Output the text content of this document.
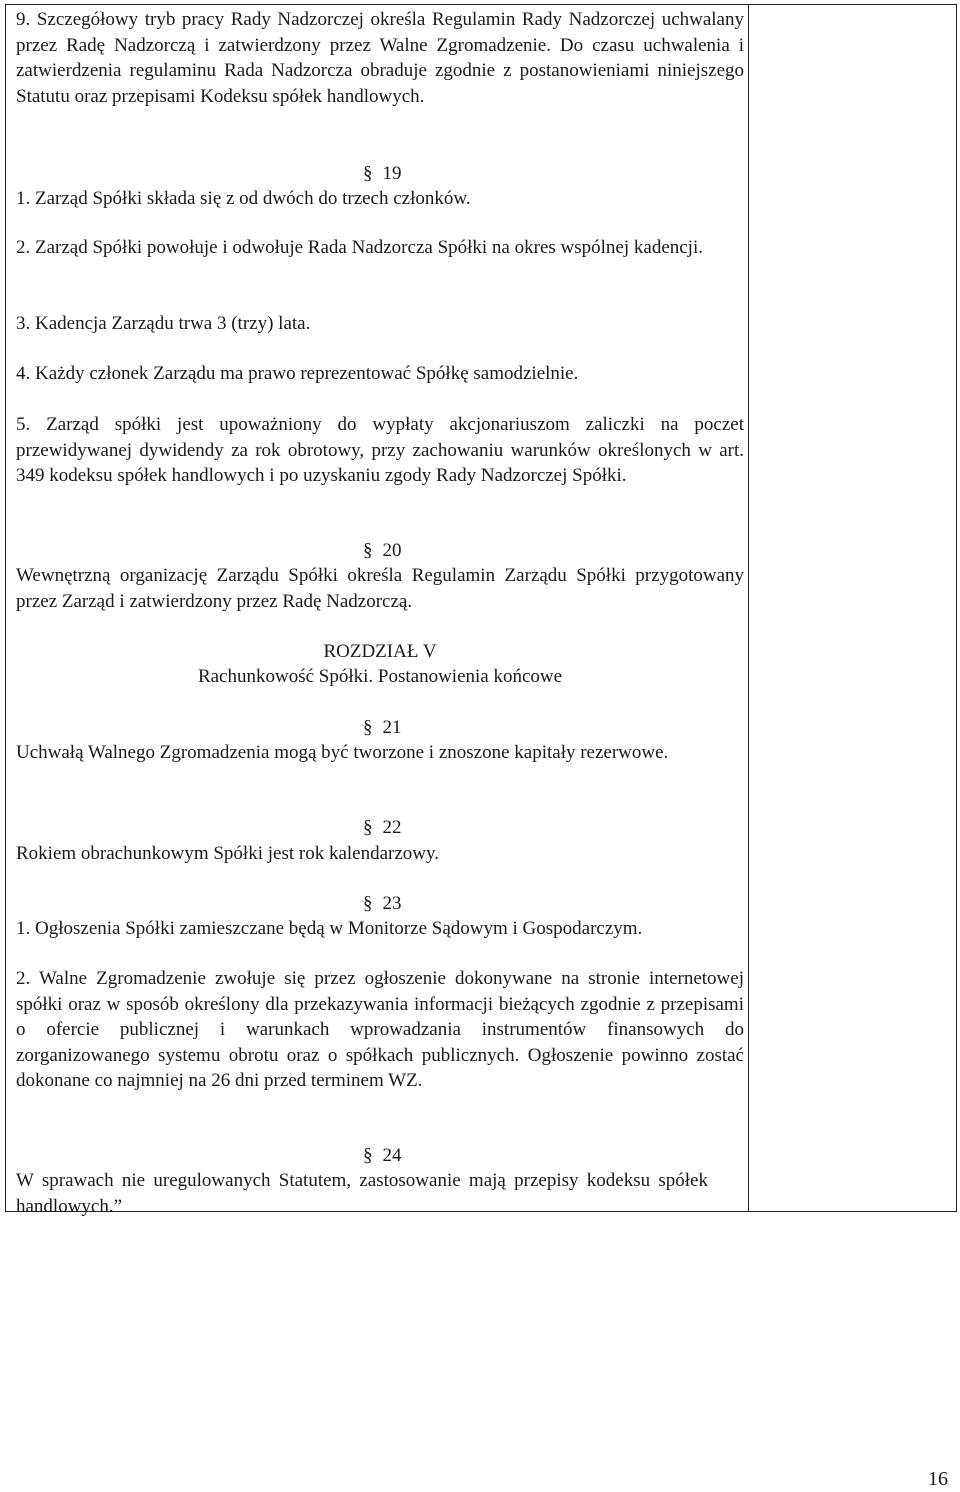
9. Szczegółowy tryb pracy Rady Nadzorczej określa Regulamin Rady Nadzorczej uchwalany przez Radę Nadzorczą i zatwierdzony przez Walne Zgromadzenie. Do czasu uchwalenia i zatwierdzenia regulaminu Rada Nadzorcza obraduje zgodnie z postanowieniami niniejszego Statutu oraz przepisami Kodeksu spółek handlowych.

§ 19

1. Zarząd Spółki składa się z od dwóch do trzech członków.

2. Zarząd Spółki powołuje i odwołuje Rada Nadzorcza Spółki na okres wspólnej kadencji.

3. Kadencja Zarządu trwa 3 (trzy) lata.

4. Każdy członek Zarządu ma prawo reprezentować Spółkę samodzielnie.

5. Zarząd spółki jest upoważniony do wypłaty akcjonariuszom zaliczki na poczet przewidywanej dywidendy za rok obrotowy, przy zachowaniu warunków określonych w art. 349 kodeksu spółek handlowych i po uzyskaniu zgody Rady Nadzorczej Spółki.

§ 20

Wewnętrzną organizację Zarządu Spółki określa Regulamin Zarządu Spółki przygotowany przez Zarząd i zatwierdzony przez Radę Nadzorczą.

ROZDZIAŁ V

Rachunkowość Spółki. Postanowienia końcowe

§ 21

Uchwałą Walnego Zgromadzenia mogą być tworzone i znoszone kapitały rezerwowe.

§ 22

Rokiem obrachunkowym Spółki jest rok kalendarzowy.

§ 23

1. Ogłoszenia Spółki zamieszczane będą w Monitorze Sądowym i Gospodarczym.

2. Walne Zgromadzenie zwołuje się przez ogłoszenie dokonywane na stronie internetowej spółki oraz w sposób określony dla przekazywania informacji bieżących zgodnie z przepisami o ofercie publicznej i warunkach wprowadzania instrumentów finansowych do zorganizowanego systemu obrotu oraz o spółkach publicznych. Ogłoszenie powinno zostać dokonane co najmniej na 26 dni przed terminem WZ.

§ 24

W sprawach nie uregulowanych Statutem, zastosowanie mają przepisy kodeksu spółek handlowych.”

16
